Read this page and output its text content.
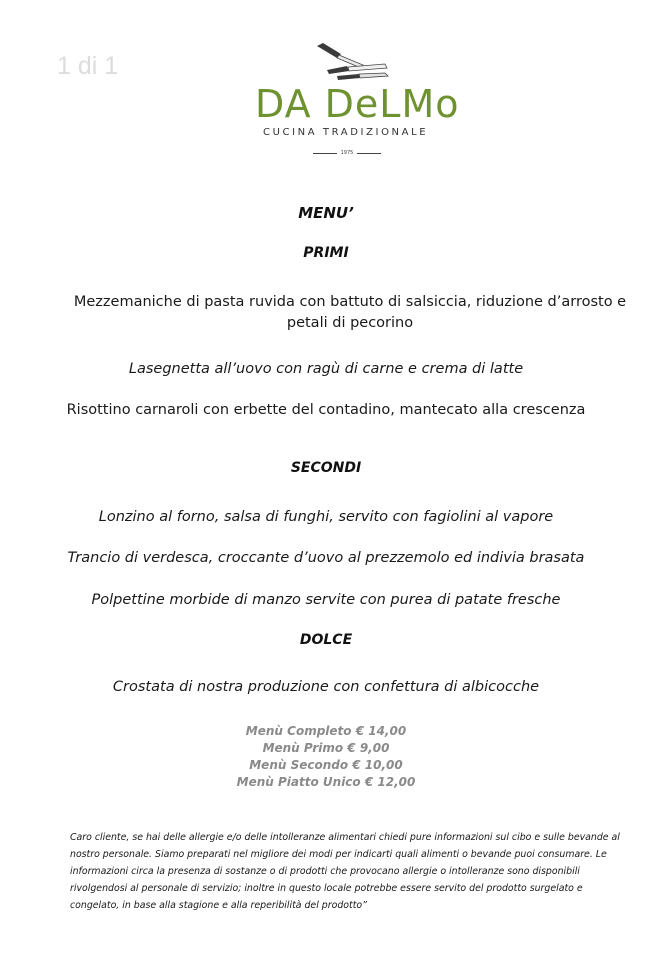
1 di 1
DA DeLMo
CUCINA TRADIZIONALE
1975
MENU’
PRIMI
Mezzemaniche di pasta ruvida con battuto di salsiccia, riduzione d’arrosto e petali di pecorino
Lasegnetta all’uovo con ragù di carne e crema di latte
Risottino carnaroli con erbette del contadino, mantecato alla crescenza
SECONDI
Lonzino al forno, salsa di funghi, servito con fagiolini al vapore
Trancio di verdesca, croccante d’uovo al prezzemolo ed indivia brasata
Polpettine morbide di manzo servite con purea di patate fresche
DOLCE
Crostata di nostra produzione con confettura di albicocche
Menù Completo € 14,00
Menù Primo € 9,00
Menù Secondo € 10,00
Menù Piatto Unico € 12,00
Caro cliente, se hai delle allergie e/o delle intolleranze alimentari chiedi pure informazioni sul cibo e sulle bevande al nostro personale. Siamo preparati nel migliore dei modi per indicarti quali alimenti o bevande puoi consumare. Le informazioni circa la presenza di sostanze o di prodotti che provocano allergie o intolleranze sono disponibili rivolgendosi al personale di servizio; inoltre in questo locale potrebbe essere servito del prodotto surgelato e congelato, in base alla stagione e alla reperibilità del prodotto”
